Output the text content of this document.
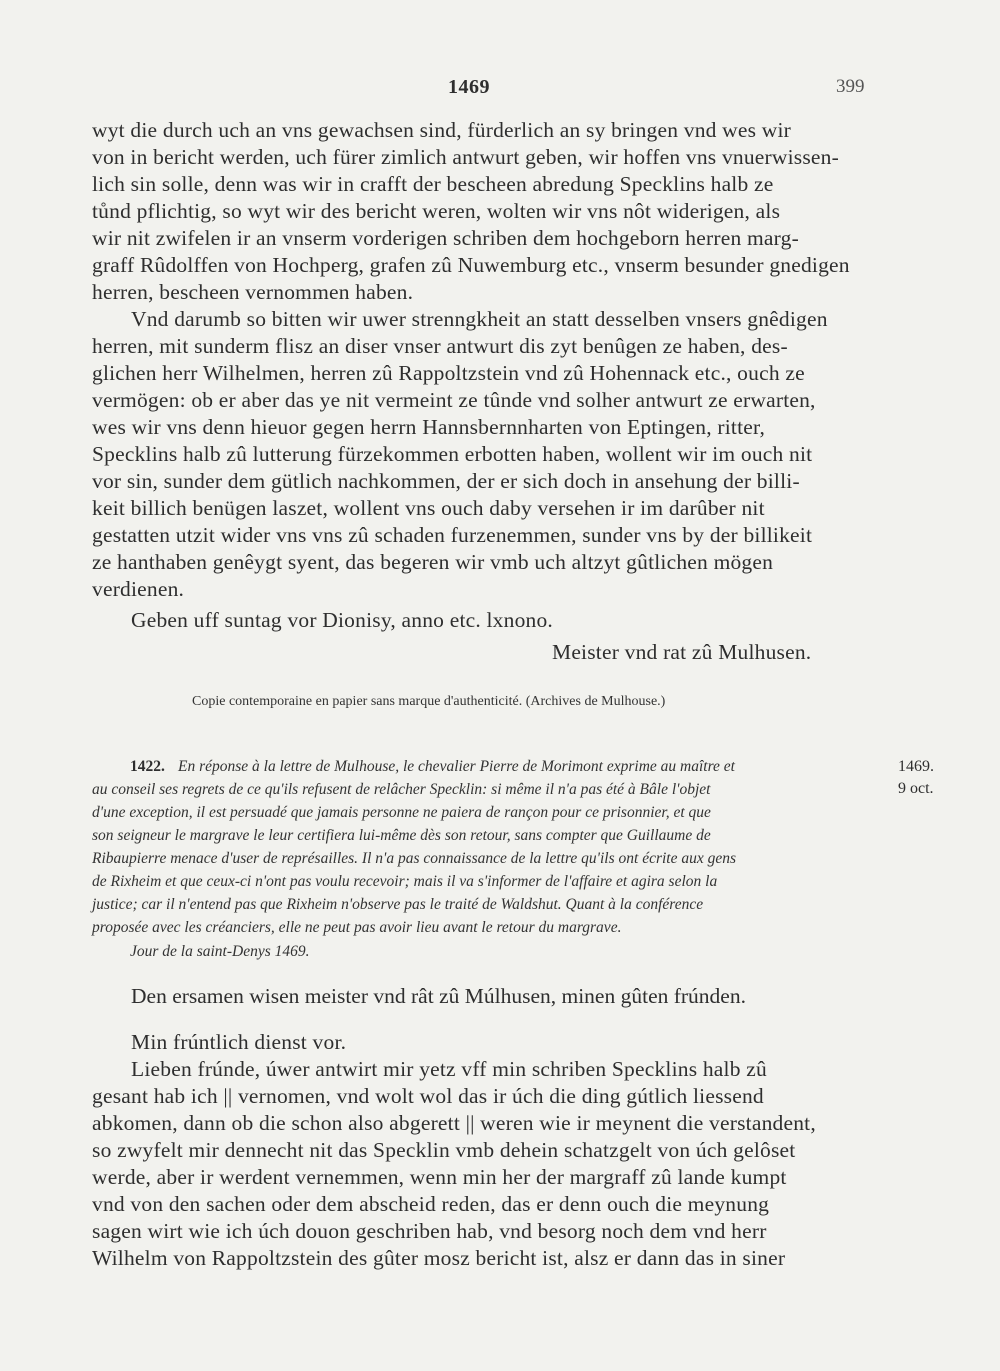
1469	399
wyt die durch uch an vns gewachsen sind, fürderlich an sy bringen vnd wes wir
von in bericht werden, uch fürer zimlich antwurt geben, wir hoffen vns vnuerwissen-
lich sin solle, denn was wir in crafft der bescheen abredung Specklins halb ze
tůnd pflichtig, so wyt wir des bericht weren, wolten wir vns nôt widerigen, als
wir nit zwifelen ir an vnserm vorderigen schriben dem hochgeborn herren marg-
graff Rûdolffen von Hochperg, grafen zû Nuwemburg etc., vnserm besunder gnedigen
herren, bescheen vernommen haben.
Vnd darumb so bitten wir uwer strenngkheit an statt desselben vnsers gnêdigen
herren, mit sunderm flisz an diser vnser antwurt dis zyt benûgen ze haben, des-
glichen herr Wilhelmen, herren zû Rappoltzstein vnd zû Hohennack etc., ouch ze
vermögen: ob er aber das ye nit vermeint ze tûnde vnd solher antwurt ze erwarten,
wes wir vns denn hieuor gegen herrn Hannsbernnharten von Eptingen, ritter,
Specklins halb zû lutterung fürzekommen erbotten haben, wollent wir im ouch nit
vor sin, sunder dem gütlich nachkommen, der er sich doch in ansehung der billi-
keit billich benügen laszet, wollent vns ouch daby versehen ir im darûber nit
gestatten utzit wider vns vns zû schaden furzenemmen, sunder vns by der billikeit
ze hanthaben genêygt syent, das begeren wir vmb uch altzyt gûtlichen mögen
verdienen.
Geben uff suntag vor Dionisy, anno etc. lxnono.
Meister vnd rat zû Mulhusen.
Copie contemporaine en papier sans marque d'authenticité. (Archives de Mulhouse.)
1422. En réponse à la lettre de Mulhouse, le chevalier Pierre de Morimont exprime au maître et
au conseil ses regrets de ce qu'ils refusent de relâcher Specklin: si même il n'a pas été à Bâle l'objet
d'une exception, il est persuadé que jamais personne ne paiera de rançon pour ce prisonnier, et que
son seigneur le margrave le leur certifiera lui-même dès son retour, sans compter que Guillaume de
Ribaupierre menace d'user de représailles. Il n'a pas connaissance de la lettre qu'ils ont écrite aux gens
de Rixheim et que ceux-ci n'ont pas voulu recevoir; mais il va s'informer de l'affaire et agira selon la
justice; car il n'entend pas que Rixheim n'observe pas le traité de Waldshut. Quant à la conférence
proposée avec les créanciers, elle ne peut pas avoir lieu avant le retour du margrave.
Jour de la saint-Denys 1469.
1469.
9 oct.
Den ersamen wisen meister vnd rât zû Múlhusen, minen gûten frúnden.
Min frúntlich dienst vor.
Lieben frúnde, úwer antwirt mir yetz vff min schriben Specklins halb zû
gesant hab ich || vernomen, vnd wolt wol das ir úch die ding gútlich liessend
abkomen, dann ob die schon also abgerett || weren wie ir meynent die verstandent,
so zwyfelt mir dennecht nit das Specklin vmb dehein schatzgelt von úch gelôset
werde, aber ir werdent vernemmen, wenn min her der margraff zû lande kumpt
vnd von den sachen oder dem abscheid reden, das er denn ouch die meynung
sagen wirt wie ich úch douon geschriben hab, vnd besorg noch dem vnd herr
Wilhelm von Rappoltzstein des gûter mosz bericht ist, alsz er dann das in siner
